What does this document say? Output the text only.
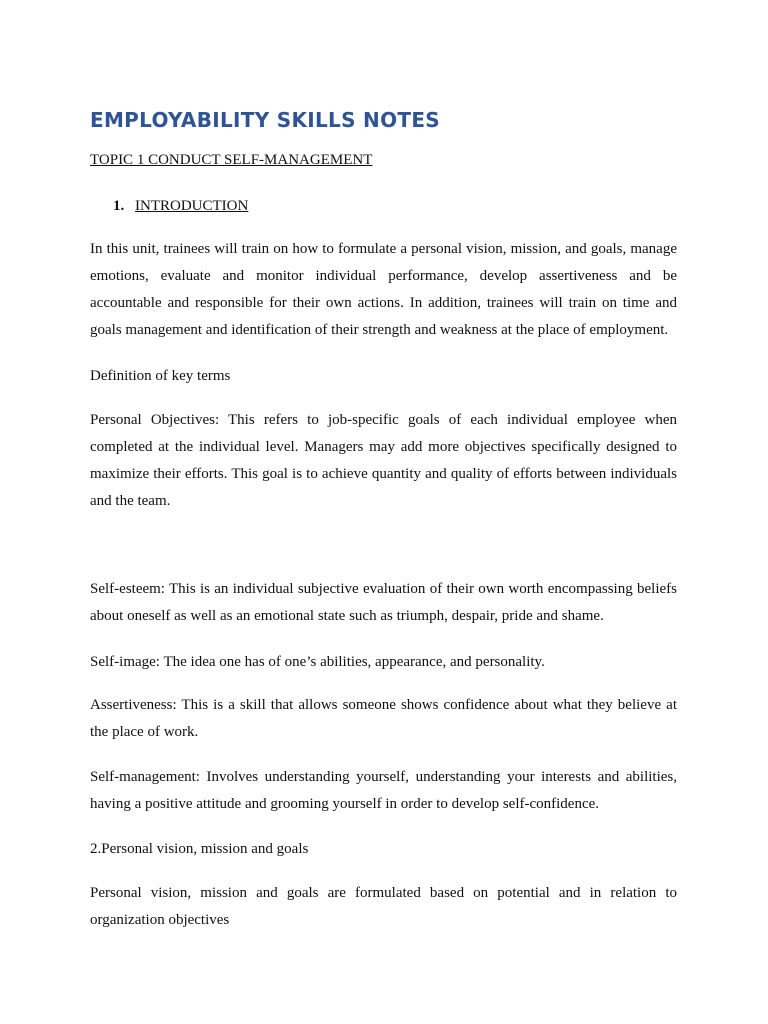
EMPLOYABILITY SKILLS NOTES
TOPIC 1 CONDUCT SELF-MANAGEMENT
1. INTRODUCTION

In this unit, trainees will train on how to formulate a personal vision, mission, and goals, manage emotions, evaluate and monitor individual performance, develop assertiveness and be accountable and responsible for their own actions. In addition, trainees will train on time and goals management and identification of their strength and weakness at the place of employment.

Definition of key terms

Personal Objectives: This refers to job-specific goals of each individual employee when completed at the individual level. Managers may add more objectives specifically designed to maximize their efforts. This goal is to achieve quantity and quality of efforts between individuals and the team.

Self-esteem: This is an individual subjective evaluation of their own worth encompassing beliefs about oneself as well as an emotional state such as triumph, despair, pride and shame.

Self-image: The idea one has of one’s abilities, appearance, and personality.

Assertiveness: This is a skill that allows someone shows confidence about what they believe at the place of work.

Self-management: Involves understanding yourself, understanding your interests and abilities, having a positive attitude and grooming yourself in order to develop self-confidence.

2.Personal vision, mission and goals

Personal vision, mission and goals are formulated based on potential and in relation to organization objectives
